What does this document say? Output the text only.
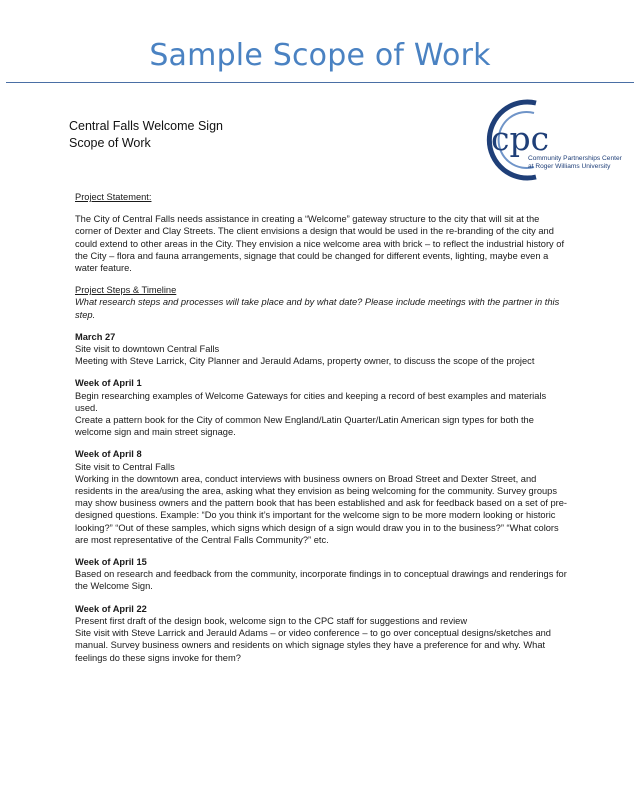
Sample Scope of Work
Central Falls Welcome Sign
Scope of Work	cpc
Community Partnerships Center
at Roger Williams University

Project Statement:

The City of Central Falls needs assistance in creating a “Welcome” gateway structure to the city that will sit at the corner of Dexter and Clay Streets. The client envisions a design that would be used in the re-branding of the city and could extend to other areas in the City. They envision a nice welcome area with brick – to reflect the industrial history of the City – flora and fauna arrangements, signage that could be changed for different events, lighting, maybe even a water feature.

Project Steps & Timeline

What research steps and processes will take place and by what date? Please include meetings with the partner in this step.

March 27

Site visit to downtown Central Falls

Meeting with Steve Larrick, City Planner and Jerauld Adams, property owner, to discuss the scope of the project

Week of April 1

Begin researching examples of Welcome Gateways for cities and keeping a record of best examples and materials used.

Create a pattern book for the City of common New England/Latin Quarter/Latin American sign types for both the welcome sign and main street signage.

Week of April 8

Site visit to Central Falls

Working in the downtown area, conduct interviews with business owners on Broad Street and Dexter Street, and residents in the area/using the area, asking what they envision as being welcoming for the community. Survey groups may show business owners and the pattern book that has been established and ask for feedback based on a set of pre-designed questions. Example: “Do you think it’s important for the welcome sign to be more modern looking or historic looking?” “Out of these samples, which signs which design of a sign would draw you in to the business?” “What colors are most representative of the Central Falls Community?” etc.

Week of April 15

Based on research and feedback from the community, incorporate findings in to conceptual drawings and renderings for the Welcome Sign.

Week of April 22

Present first draft of the design book, welcome sign to the CPC staff for suggestions and review

Site visit with Steve Larrick and Jerauld Adams – or video conference – to go over conceptual designs/sketches and manual. Survey business owners and residents on which signage styles they have a preference for and why. What feelings do these signs invoke for them?
